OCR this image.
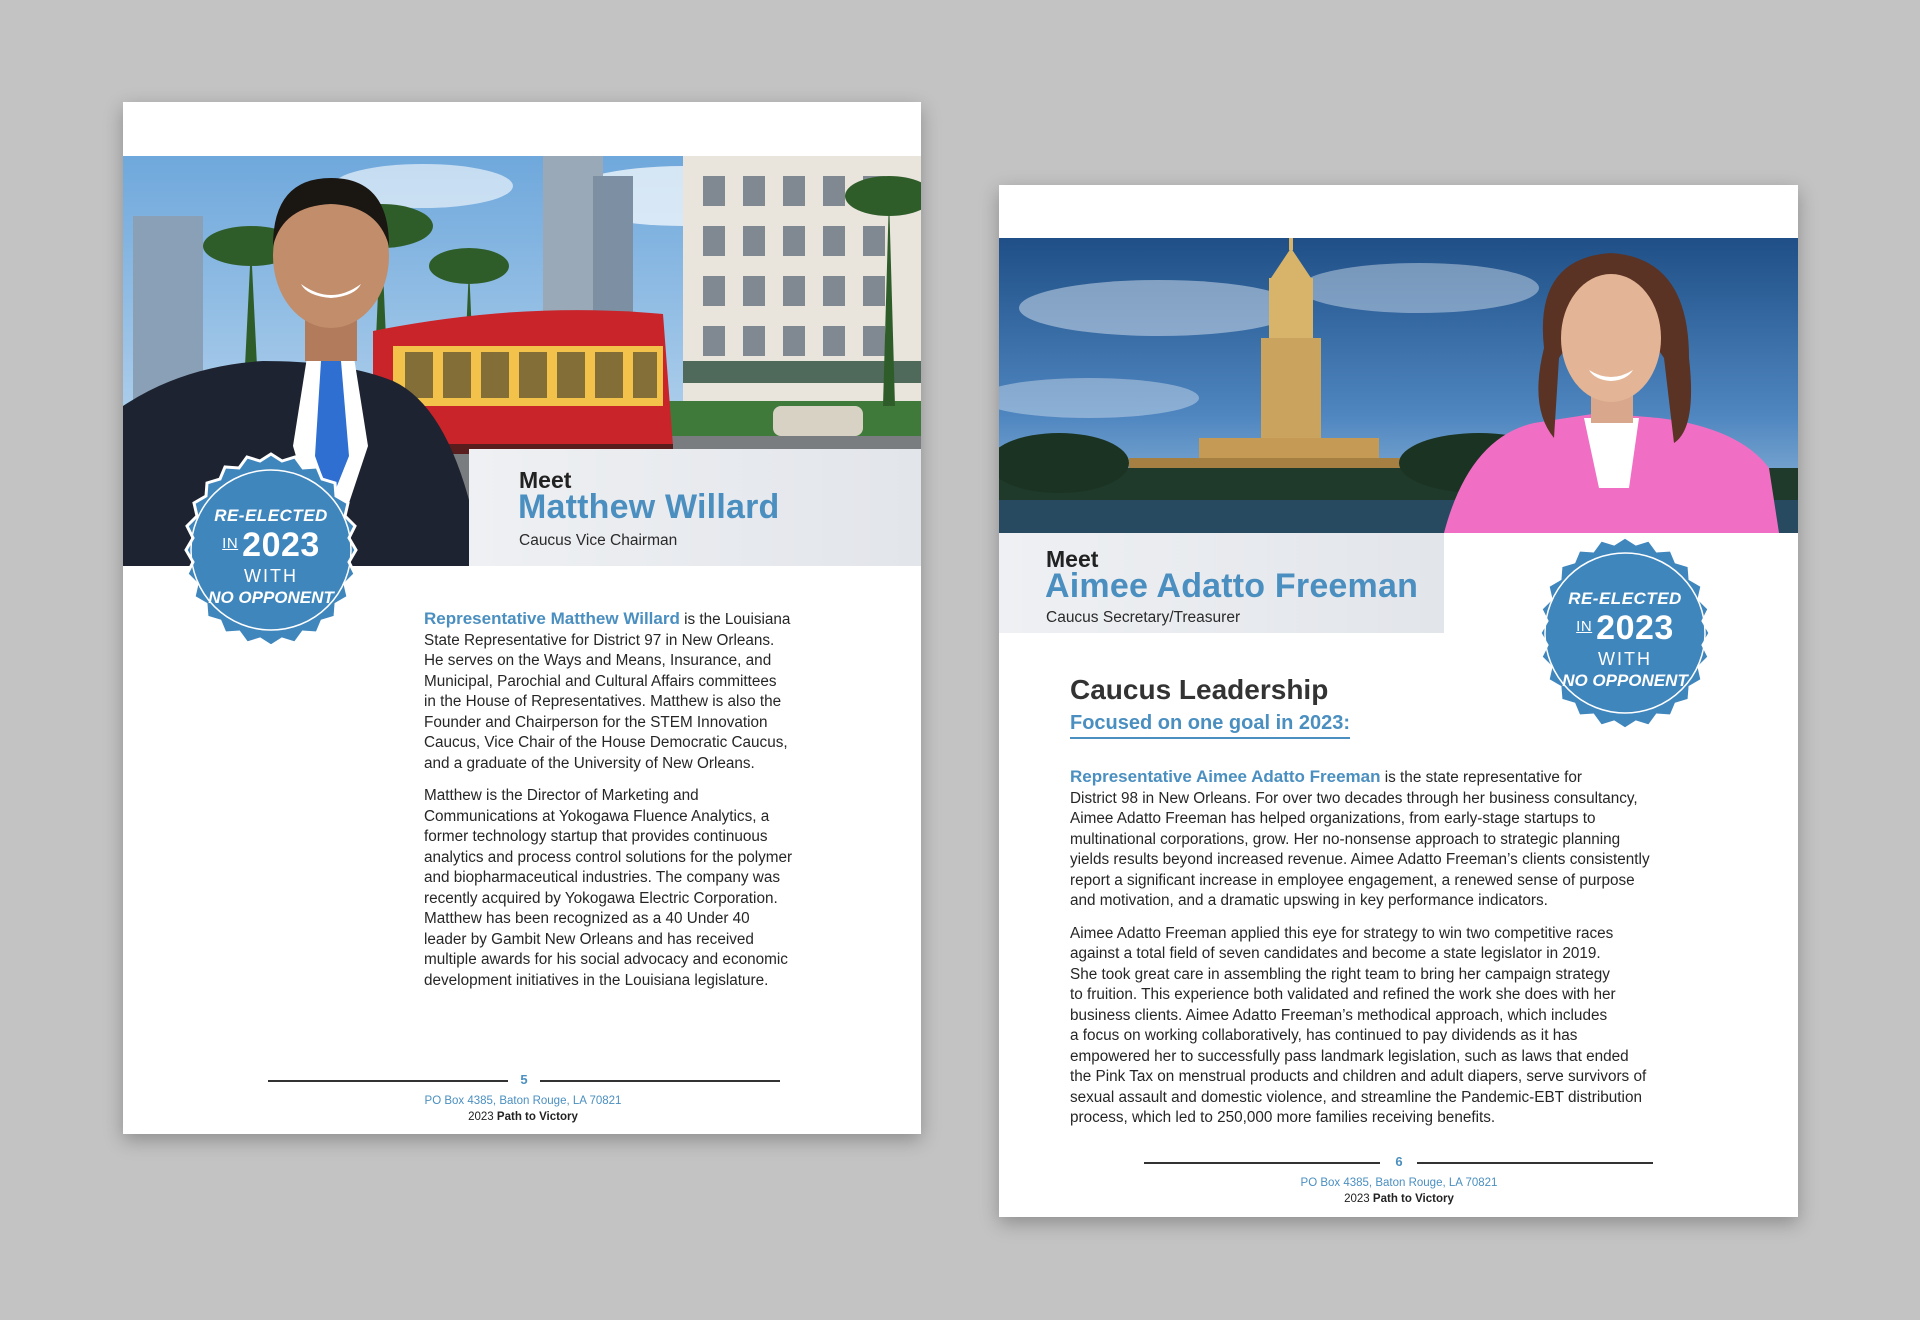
Meet
Matthew Willard
Caucus Vice Chairman
RE-ELECTED
$^{IN}$ 2023
WITH
NO OPPONENT

Representative Matthew Willard is the Louisiana
State Representative for District 97 in New Orleans.
He serves on the Ways and Means, Insurance, and
Municipal, Parochial and Cultural Affairs committees
in the House of Representatives. Matthew is also the
Founder and Chairperson for the STEM Innovation
Caucus, Vice Chair of the House Democratic Caucus,
and a graduate of the University of New Orleans.

Matthew is the Director of Marketing and
Communications at Yokogawa Fluence Analytics, a
former technology startup that provides continuous
analytics and process control solutions for the polymer
and biopharmaceutical industries. The company was
recently acquired by Yokogawa Electric Corporation.
Matthew has been recognized as a 40 Under 40
leader by Gambit New Orleans and has received
multiple awards for his social advocacy and economic
development initiatives in the Louisiana legislature.

5
PO Box 4385, Baton Rouge, LA 70821
2023 Path to Victory
Meet
Aimee Adatto Freeman
Caucus Secretary/Treasurer
RE-ELECTED
$^{IN}$ 2023
WITH
NO OPPONENT
Caucus Leadership
Focused on one goal in 2023:

Representative Aimee Adatto Freeman is the state representative for
District 98 in New Orleans. For over two decades through her business consultancy,
Aimee Adatto Freeman has helped organizations, from early-stage startups to
multinational corporations, grow. Her no-nonsense approach to strategic planning
yields results beyond increased revenue. Aimee Adatto Freeman’s clients consistently
report a significant increase in employee engagement, a renewed sense of purpose
and motivation, and a dramatic upswing in key performance indicators.

Aimee Adatto Freeman applied this eye for strategy to win two competitive races
against a total field of seven candidates and become a state legislator in 2019.
She took great care in assembling the right team to bring her campaign strategy
to fruition. This experience both validated and refined the work she does with her
business clients. Aimee Adatto Freeman’s methodical approach, which includes
a focus on working collaboratively, has continued to pay dividends as it has
empowered her to successfully pass landmark legislation, such as laws that ended
the Pink Tax on menstrual products and children and adult diapers, serve survivors of
sexual assault and domestic violence, and streamline the Pandemic-EBT distribution
process, which led to 250,000 more families receiving benefits.

6
PO Box 4385, Baton Rouge, LA 70821
2023 Path to Victory
